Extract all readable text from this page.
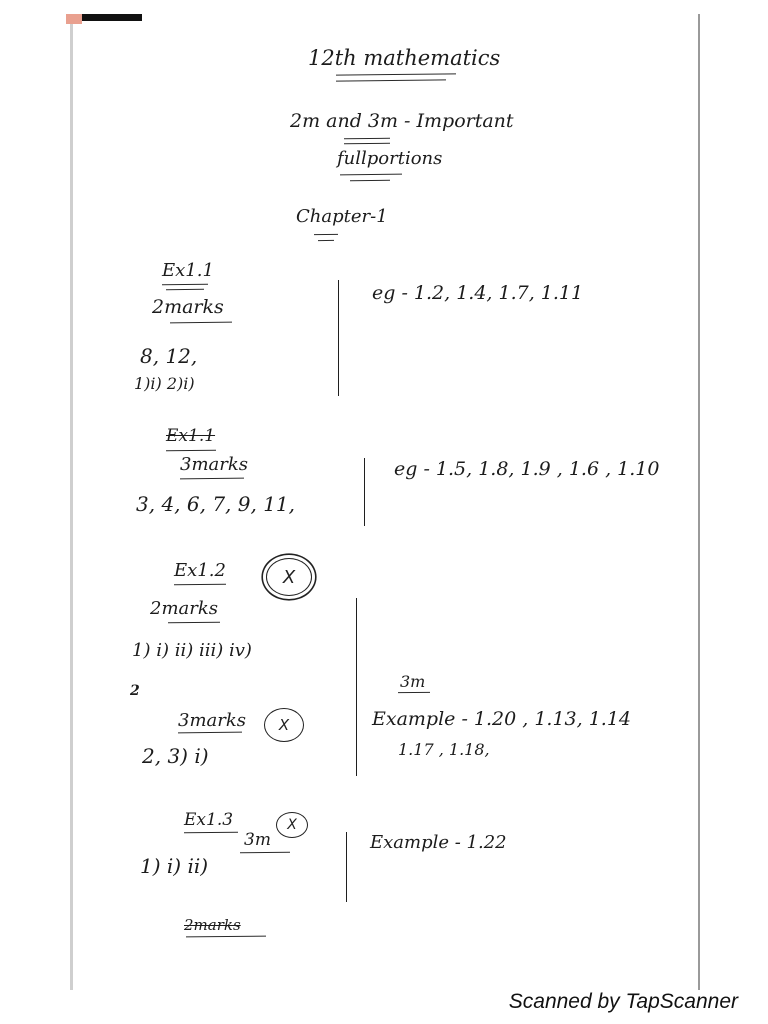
12th mathematics
2m and 3m - Important
fullportions
Chapter-1
Ex1.1
2marks
8, 12,
1)i) 2)i)
eg - 1.2, 1.4, 1.7, 1.11
Ex1.1
3marks
3, 4, 6, 7, 9, 11,
eg - 1.5, 1.8, 1.9 , 1.6 , 1.10
Ex1.2	X
2marks
1) i) ii) iii) iv)
2
3marks	X
2, 3) i)
3m
Example - 1.20 , 1.13, 1.14
1.17 , 1.18,
Ex1.3
3m
X
1) i) ii)
Example - 1.22
2marks
Scanned by TapScanner
